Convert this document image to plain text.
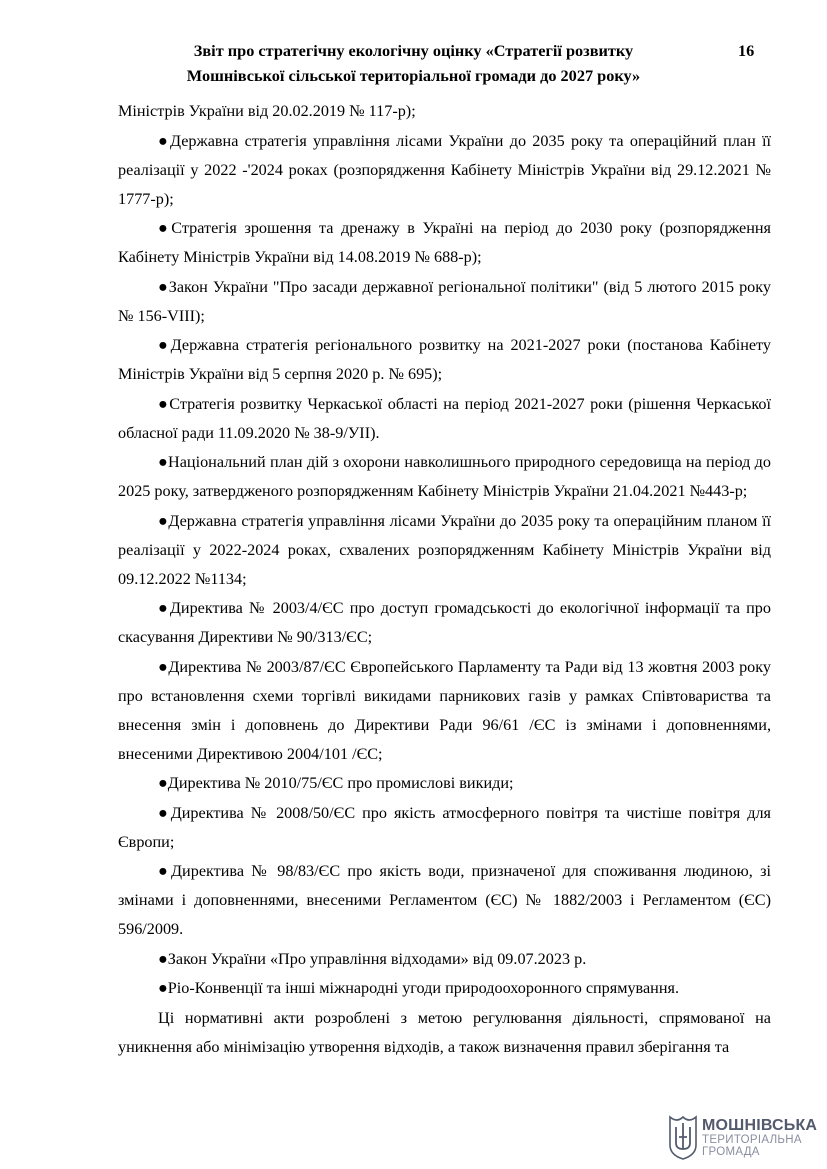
Звіт про стратегічну екологічну оцінку «Стратегії розвитку
Мошнівської сільської територіальної громади до 2027 року»
16

Міністрів України від 20.02.2019 № 117-р);

●Державна стратегія управління лісами України до 2035 року та операційний план її реалізації у 2022 -'2024 роках (розпорядження Кабінету Міністрів України від 29.12.2021 № 1777-р);

●Стратегія зрошення та дренажу в Україні на період до 2030 року (розпорядження Кабінету Міністрів України від 14.08.2019 № 688-р);

●Закон України "Про засади державної регіональної політики" (від 5 лютого 2015 року № 156-VIII);

●Державна стратегія регіонального розвитку на 2021-2027 роки (постанова Кабінету Міністрів України від 5 серпня 2020 р. № 695);

●Стратегія розвитку Черкаської області на період 2021-2027 роки (рішення Черкаської обласної ради 11.09.2020 № 38-9/УІІ).

●Національний план дій з охорони навколишнього природного середовища на період до 2025 року, затвердженого розпорядженням Кабінету Міністрів України 21.04.2021 №443-р;

●Державна стратегія управління лісами України до 2035 року та операційним планом її реалізації у 2022-2024 роках, схвалених розпорядженням Кабінету Міністрів України від 09.12.2022 №1134;

●Директива № 2003/4/ЄС про доступ громадськості до екологічної інформації та про скасування Директиви № 90/313/ЄС;

●Директива № 2003/87/ЄС Європейського Парламенту та Ради від 13 жовтня 2003 року про встановлення схеми торгівлі викидами парникових газів у рамках Співтовариства та внесення змін і доповнень до Директиви Ради 96/61 /ЄС із змінами і доповненнями, внесеними Директивою 2004/101 /ЄС;

●Директива № 2010/75/ЄС про промислові викиди;

●Директива № 2008/50/ЄС про якість атмосферного повітря та чистіше повітря для Європи;

●Директива № 98/83/ЄС про якість води, призначеної для споживання людиною, зі змінами і доповненнями, внесеними Регламентом (ЄС) № 1882/2003 і Регламентом (ЄС) 596/2009.

●Закон України «Про управління відходами» від 09.07.2023 р.

●Ріо-Конвенції та інші міжнародні угоди природоохоронного спрямування.

Ці нормативні акти розроблені з метою регулювання діяльності, спрямованої на уникнення або мінімізацію утворення відходів, а також визначення правил зберігання та

МОШНІВСЬКА
ТЕРИТОРІАЛЬНА
ГРОМАДА
